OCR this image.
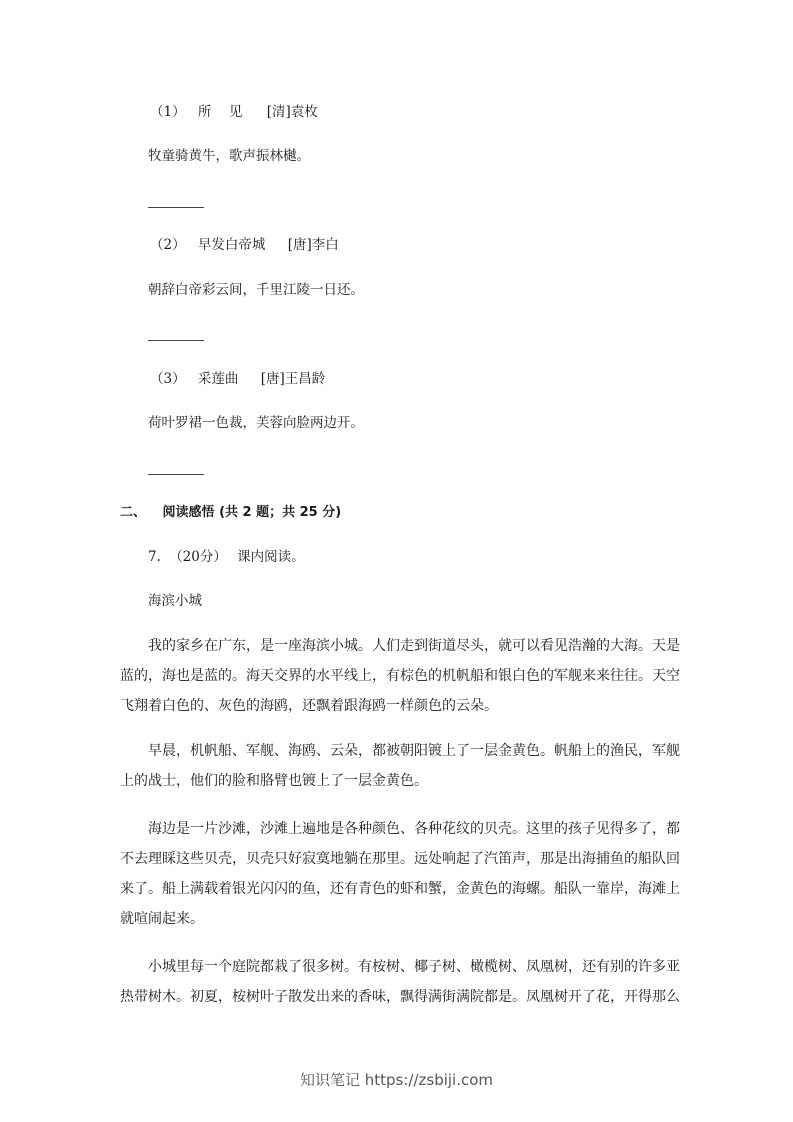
（1） 所　见 [清]袁枚
牧童骑黄牛，歌声振林樾。
（2） 早发白帝城 [唐]李白
朝辞白帝彩云间，千里江陵一日还。
（3） 采莲曲 [唐]王昌龄
荷叶罗裙一色裁，芙蓉向脸两边开。
二、 阅读感悟 (共 2 题；共 25 分)
7. （20分） 课内阅读。
海滨小城
我的家乡在广东，是一座海滨小城。人们走到街道尽头，就可以看见浩瀚的大海。天是蓝的，海也是蓝的。海天交界的水平线上，有棕色的机帆船和银白色的军舰来来往往。天空飞翔着白色的、灰色的海鸥，还飘着跟海鸥一样颜色的云朵。
早晨，机帆船、军舰、海鸥、云朵，都被朝阳镀上了一层金黄色。帆船上的渔民，军舰上的战士，他们的脸和胳臂也镀上了一层金黄色。
海边是一片沙滩，沙滩上遍地是各种颜色、各种花纹的贝壳。这里的孩子见得多了，都不去理睬这些贝壳，贝壳只好寂寞地躺在那里。远处响起了汽笛声，那是出海捕鱼的船队回来了。船上满载着银光闪闪的鱼，还有青色的虾和蟹，金黄色的海螺。船队一靠岸，海滩上就喧闹起来。
小城里每一个庭院都栽了很多树。有桉树、椰子树、橄榄树、凤凰树，还有别的许多亚热带树木。初夏，桉树叶子散发出来的香味，飘得满街满院都是。凤凰树开了花，开得那么
知识笔记 https://zsbiji.com
